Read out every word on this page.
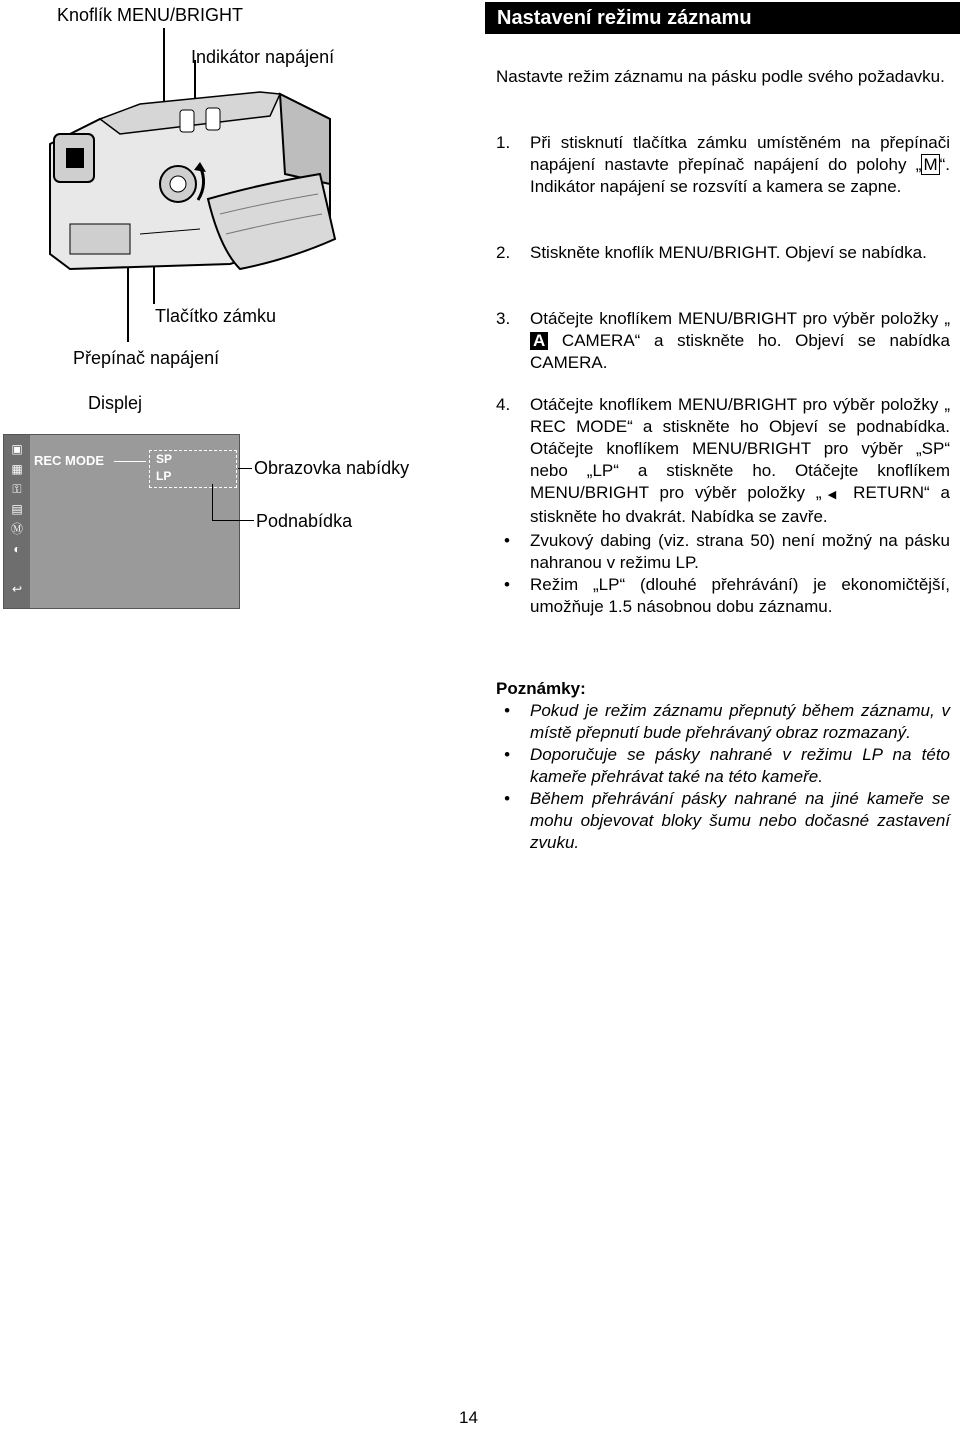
Knoflík MENU/BRIGHT
Indikátor napájení
Tlačítko zámku
Přepínač napájení
Displej
Obrazovka nabídky
Podnabídka
▣
▦
⚿
▤
Ⓜ
◐

↩
REC MODE	SP
LP
Nastavení režimu záznamu

Nastavte režim záznamu na pásku podle svého požadavku.

1. Při stisknutí tlačítka zámku umístěném na přepínači napájení nastavte přepínač napájení do polohy „ M “. Indikátor napájení se rozsvítí a kamera se zapne.
2. Stiskněte knoflík MENU/BRIGHT. Objeví se nabídka.
3. Otáčejte knoflíkem MENU/BRIGHT pro výběr položky „A CAMERA“ a stiskněte ho. Objeví se nabídka CAMERA.
4. Otáčejte knoflíkem MENU/BRIGHT pro výběr položky „ REC MODE“ a stiskněte ho Objeví se podnabídka. Otáčejte knoflíkem MENU/BRIGHT pro výběr „SP“ nebo „LP“ a stiskněte ho. Otáčejte knoflíkem MENU/BRIGHT pro výběr položky „◀ RETURN“ a stiskněte ho dvakrát. Nabídka se zavře.
• Zvukový dabing (viz. strana 50) není možný na pásku nahranou v režimu LP.
• Režim „LP“ (dlouhé přehrávání) je ekonomičtější, umožňuje 1.5 násobnou dobu záznamu.
Poznámky:
• Pokud je režim záznamu přepnutý během záznamu, v místě přepnutí bude přehrávaný obraz rozmazaný.
• Doporučuje se pásky nahrané v režimu LP na této kameře přehrávat také na této kameře.
• Během přehrávání pásky nahrané na jiné kameře se mohu objevovat bloky šumu nebo dočasné zastavení zvuku.
14
